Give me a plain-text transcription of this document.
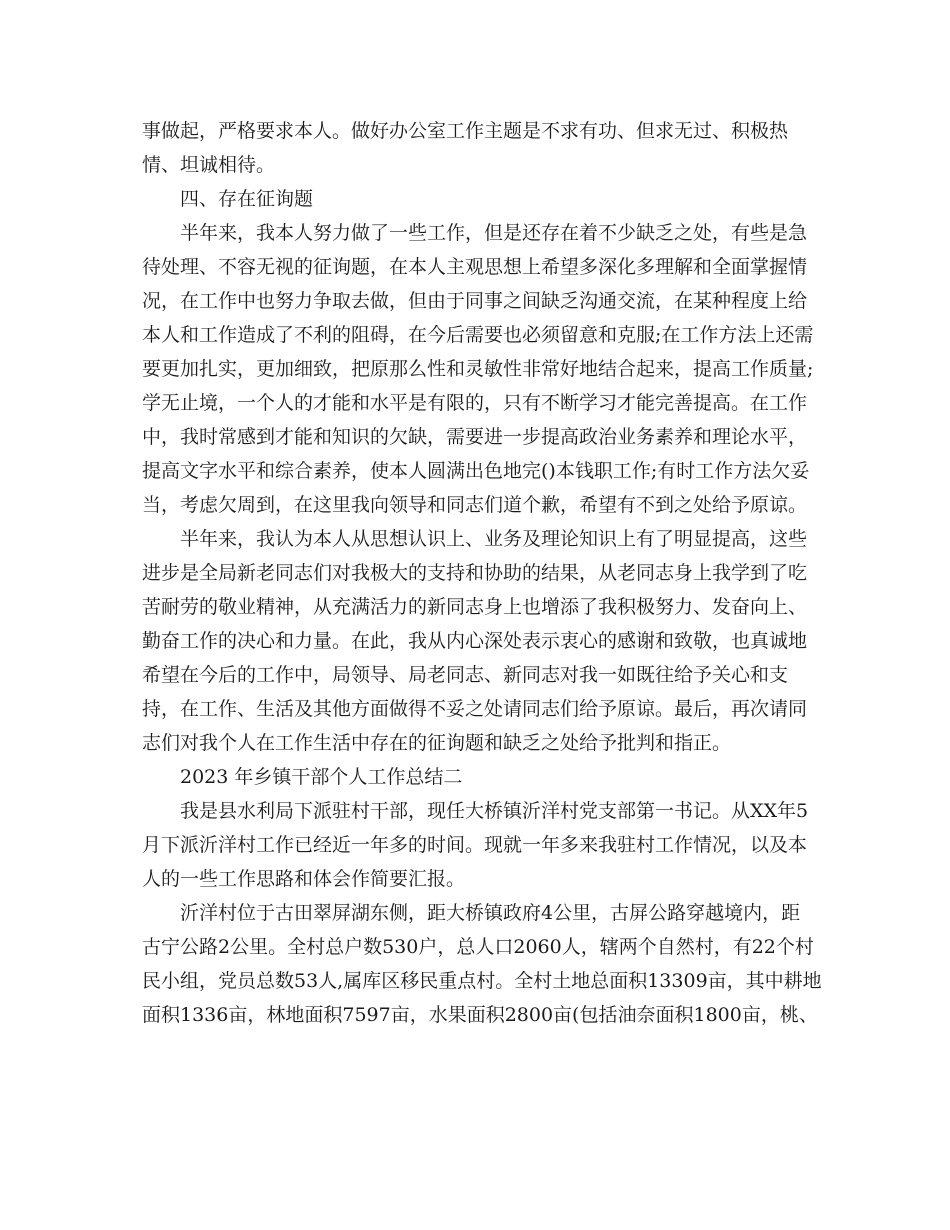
事做起，严格要求本人。做好办公室工作主题是不求有功、但求无过、积极热
情、坦诚相待。
四、存在征询题
半年来，我本人努力做了一些工作，但是还存在着不少缺乏之处，有些是急
待处理、不容无视的征询题，在本人主观思想上希望多深化多理解和全面掌握情
况，在工作中也努力争取去做，但由于同事之间缺乏沟通交流，在某种程度上给
本人和工作造成了不利的阻碍，在今后需要也必须留意和克服;在工作方法上还需
要更加扎实，更加细致，把原那么性和灵敏性非常好地结合起来，提高工作质量;
学无止境，一个人的才能和水平是有限的，只有不断学习才能完善提高。在工作
中，我时常感到才能和知识的欠缺，需要进一步提高政治业务素养和理论水平，
提高文字水平和综合素养，使本人圆满出色地完()本钱职工作;有时工作方法欠妥
当，考虑欠周到，在这里我向领导和同志们道个歉，希望有不到之处给予原谅。
半年来，我认为本人从思想认识上、业务及理论知识上有了明显提高，这些
进步是全局新老同志们对我极大的支持和协助的结果，从老同志身上我学到了吃
苦耐劳的敬业精神，从充满活力的新同志身上也增添了我积极努力、发奋向上、
勤奋工作的决心和力量。在此，我从内心深处表示衷心的感谢和致敬，也真诚地
希望在今后的工作中，局领导、局老同志、新同志对我一如既往给予关心和支
持，在工作、生活及其他方面做得不妥之处请同志们给予原谅。最后，再次请同
志们对我个人在工作生活中存在的征询题和缺乏之处给予批判和指正。
2023 年乡镇干部个人工作总结二
我是县水利局下派驻村干部，现任大桥镇沂洋村党支部第一书记。从XX年5
月下派沂洋村工作已经近一年多的时间。现就一年多来我驻村工作情况，以及本
人的一些工作思路和体会作简要汇报。
沂洋村位于古田翠屏湖东侧，距大桥镇政府4公里，古屏公路穿越境内，距
古宁公路2公里。全村总户数530户，总人口2060人，辖两个自然村，有22个村
民小组，党员总数53人,属库区移民重点村。全村土地总面积13309亩，其中耕地
面积1336亩，林地面积7597亩，水果面积2800亩(包括油奈面积1800亩，桃、
